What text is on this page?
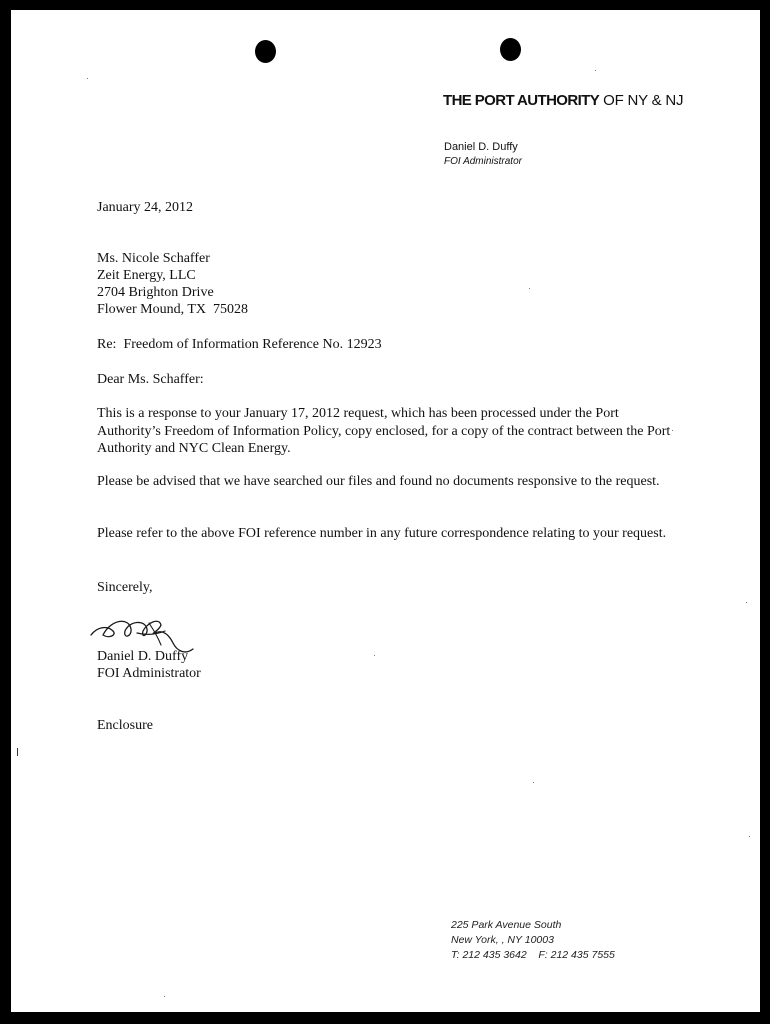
THE PORT AUTHORITY OF NY & NJ
Daniel D. Duffy
FOI Administrator
January 24, 2012
Ms. Nicole Schaffer
Zeit Energy, LLC
2704 Brighton Drive
Flower Mound, TX  75028
Re:  Freedom of Information Reference No. 12923
Dear Ms. Schaffer:
This is a response to your January 17, 2012 request, which has been processed under the Port Authority’s Freedom of Information Policy, copy enclosed, for a copy of the contract between the Port Authority and NYC Clean Energy.
Please be advised that we have searched our files and found no documents responsive to the request.
Please refer to the above FOI reference number in any future correspondence relating to your request.
Sincerely,
Daniel D. Duffy
FOI Administrator
Enclosure
225 Park Avenue South
New York, , NY 10003
T: 212 435 3642    F: 212 435 7555
